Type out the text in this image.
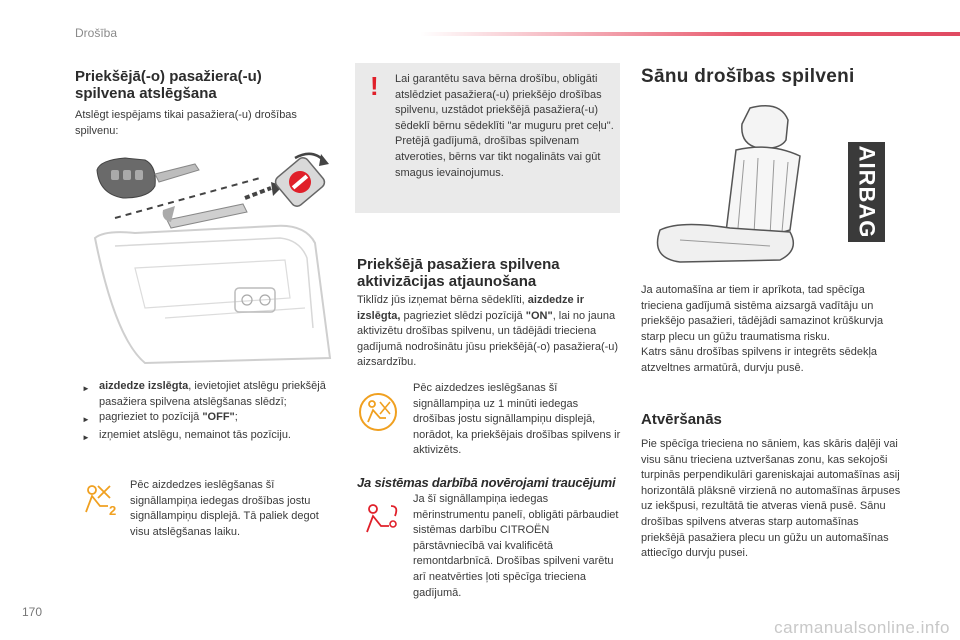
Drošība
Priekšējā(-o) pasažiera(-u) spilvena atslēgšana

Atslēgt iespējams tikai pasažiera(-u) drošības spilvenu:

► aizdedze izslēgta, ievietojiet atslēgu priekšējā pasažiera spilvena atslēgšanas slēdzī;
► pagrieziet to pozīcijā "OFF";
► izņemiet atslēgu, nemainot tās pozīciju.
2

Pēc aizdedzes ieslēgšanas šī signāllampiņa iedegas drošības jostu signāllampiņu displejā. Tā paliek degot visu atslēgšanas laiku.

!	Lai garantētu sava bērna drošību, obligāti atslēdziet pasažiera(-u) priekšējo drošības spilvenu, uzstādot priekšējā pasažiera(-u) sēdeklī bērnu sēdeklīti "ar muguru pret ceļu". Pretējā gadījumā, drošības spilvenam atveroties, bērns var tikt nogalināts vai gūt smagus ievainojumus.

Priekšējā pasažiera spilvena aktivizācijas atjaunošana

Tiklīdz jūs izņemat bērna sēdeklīti, aizdedze ir izslēgta, pagrieziet slēdzi pozīcijā "ON", lai no jauna aktivizētu drošības spilvenu, un tādējādi trieciena gadījumā nodrošinātu jūsu priekšējā(-o) pasažiera(-u) aizsardzību.

Pēc aizdedzes ieslēgšanas šī signāllampiņa uz 1 minūti iedegas drošības jostu signāllampiņu displejā, norādot, ka priekšējais drošības spilvens ir aktivizēts.

Ja sistēmas darbībā novērojami traucējumi

Ja šī signāllampiņa iedegas mērinstrumentu panelī, obligāti pārbaudiet sistēmas darbību CITROËN pārstāvniecībā vai kvalificētā remontdarbnīcā. Drošības spilveni varētu arī neatvērties ļoti spēcīga trieciena gadījumā.

Sānu drošības spilveni
AIRBAG

Ja automašīna ar tiem ir aprīkota, tad spēcīga trieciena gadījumā sistēma aizsargā vadītāju un priekšējo pasažieri, tādējādi samazinot krūškurvja starp plecu un gūžu traumatisma risku.
Katrs sānu drošības spilvens ir integrēts sēdekļa atzveltnes armatūrā, durvju pusē.

Atvēršanās

Pie spēcīga trieciena no sāniem, kas skāris daļēji vai visu sānu trieciena uztveršanas zonu, kas sekojoši turpinās perpendikulāri gareniskajai automašīnas asij horizontālā plāksnē virzienā no automašīnas ārpuses uz iekšpusi, rezultātā tie atveras vienā pusē. Sānu drošības spilvens atveras starp automašīnas priekšējā pasažiera plecu un gūžu un automašīnas attiecīgo durvju pusei.

170
carmanualsonline.info
